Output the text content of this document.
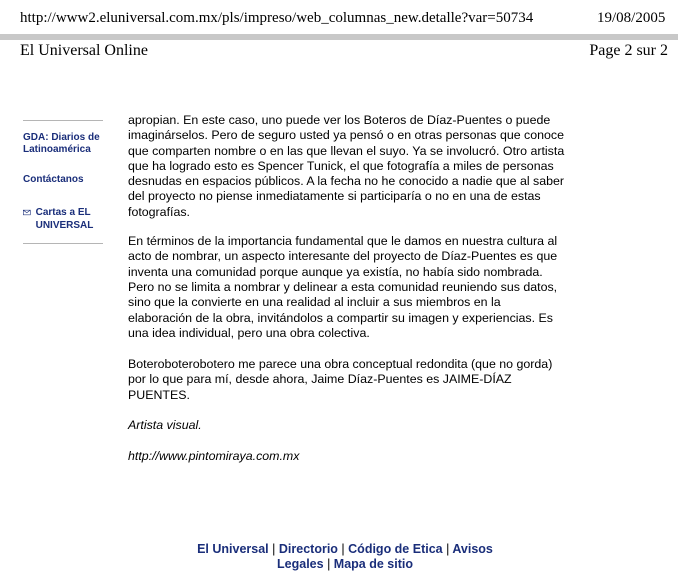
http://www2.eluniversal.com.mx/pls/impreso/web_columnas_new.detalle?var=50734	19/08/2005
El Universal Online	Page 2 sur 2
GDA: Diarios de Latinoamérica
Contáctanos
Cartas a EL UNIVERSAL

apropian. En este caso, uno puede ver los Boteros de Díaz-Puentes o puede imaginárselos. Pero de seguro usted ya pensó o en otras personas que conoce que comparten nombre o en las que llevan el suyo. Ya se involucró. Otro artista que ha logrado esto es Spencer Tunick, el que fotografía a miles de personas desnudas en espacios públicos. A la fecha no he conocido a nadie que al saber del proyecto no piense inmediatamente si participaría o no en una de estas fotografías.

En términos de la importancia fundamental que le damos en nuestra cultura al acto de nombrar, un aspecto interesante del proyecto de Díaz-Puentes es que inventa una comunidad porque aunque ya existía, no había sido nombrada. Pero no se limita a nombrar y delinear a esta comunidad reuniendo sus datos, sino que la convierte en una realidad al incluir a sus miembros en la elaboración de la obra, invitándolos a compartir su imagen y experiencias. Es una idea individual, pero una obra colectiva.

Boteroboterobotero me parece una obra conceptual redondita (que no gorda) por lo que para mí, desde ahora, Jaime Díaz-Puentes es JAIME-DÍAZ PUENTES.

Artista visual.

http://www.pintomiraya.com.mx

El Universal | Directorio | Código de Etica | Avisos Legales | Mapa de sitio
